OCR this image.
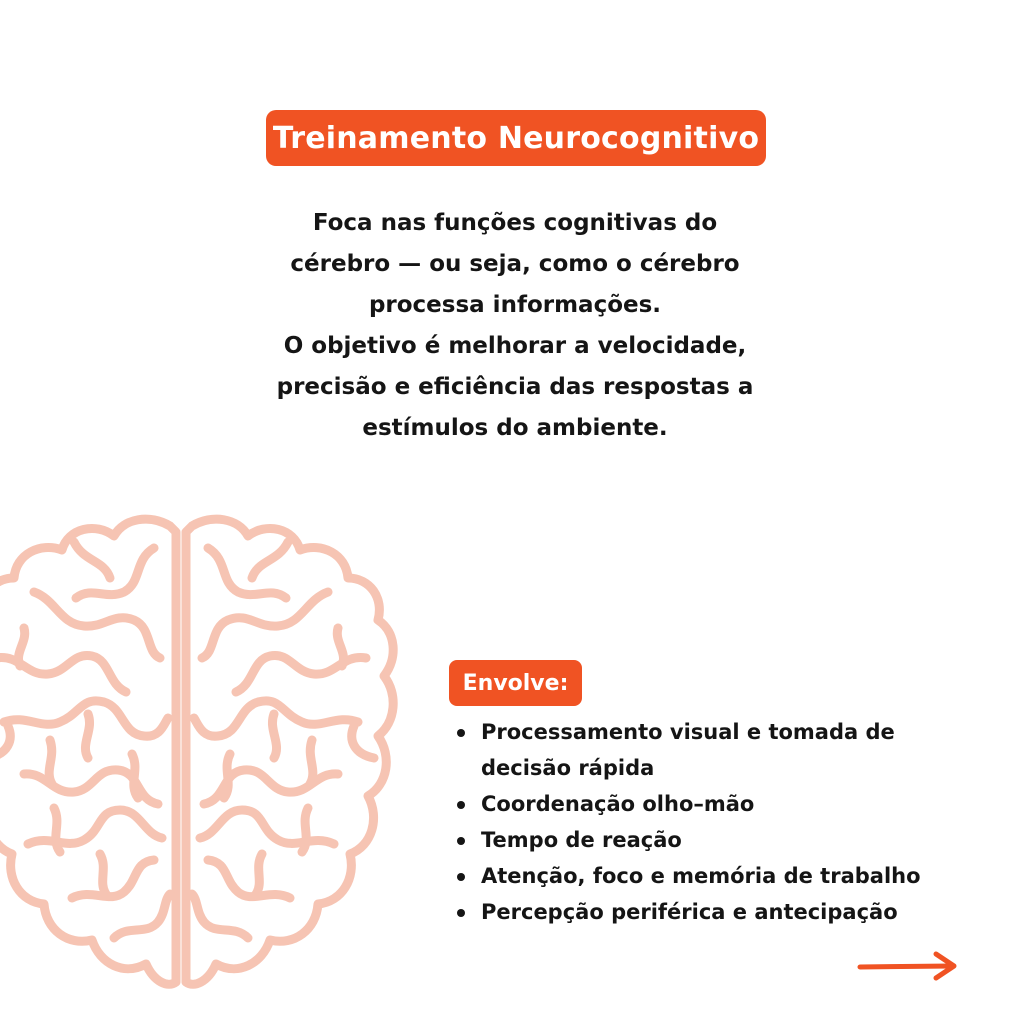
Treinamento Neurocognitivo
Foca nas funções cognitivas do
cérebro — ou seja, como o cérebro
processa informações.
O objetivo é melhorar a velocidade,
precisão e eficiência das respostas a
estímulos do ambiente.
Envolve:
Processamento visual e tomada de
decisão rápida
Coordenação olho–mão
Tempo de reação
Atenção, foco e memória de trabalho
Percepção periférica e antecipação
